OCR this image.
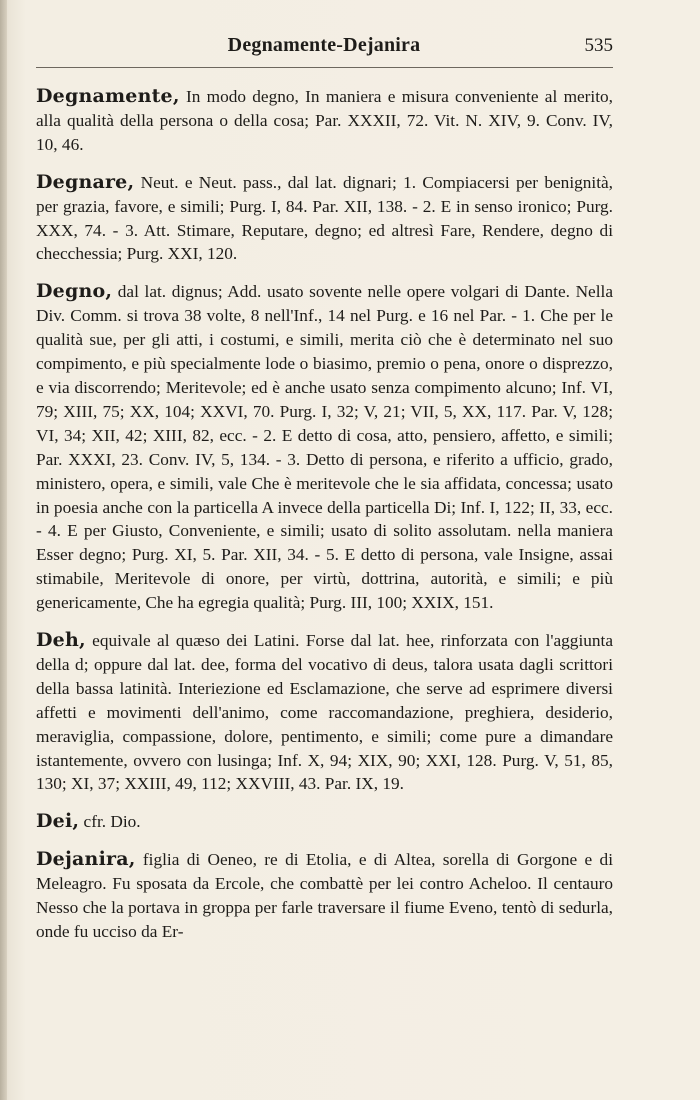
Degnamente-Dejanira	535

Degnamente, In modo degno, In maniera e misura conveniente al merito, alla qualità della persona o della cosa; Par. XXXII, 72. Vit. N. XIV, 9. Conv. IV, 10, 46.

Degnare, Neut. e Neut. pass., dal lat. dignari; 1. Compiacersi per benignità, per grazia, favore, e simili; Purg. I, 84. Par. XII, 138. - 2. E in senso ironico; Purg. XXX, 74. - 3. Att. Stimare, Reputare, degno; ed altresì Fare, Rendere, degno di checchessia; Purg. XXI, 120.

Degno, dal lat. dignus; Add. usato sovente nelle opere volgari di Dante. Nella Div. Comm. si trova 38 volte, 8 nell'Inf., 14 nel Purg. e 16 nel Par. - 1. Che per le qualità sue, per gli atti, i costumi, e simili, merita ciò che è determinato nel suo compimento, e più specialmente lode o biasimo, premio o pena, onore o disprezzo, e via discorrendo; Meritevole; ed è anche usato senza compimento alcuno; Inf. VI, 79; XIII, 75; XX, 104; XXVI, 70. Purg. I, 32; V, 21; VII, 5, XX, 117. Par. V, 128; VI, 34; XII, 42; XIII, 82, ecc. - 2. E detto di cosa, atto, pensiero, affetto, e simili; Par. XXXI, 23. Conv. IV, 5, 134. - 3. Detto di persona, e riferito a ufficio, grado, ministero, opera, e simili, vale Che è meritevole che le sia affidata, concessa; usato in poesia anche con la particella A invece della particella Di; Inf. I, 122; II, 33, ecc. - 4. E per Giusto, Conveniente, e simili; usato di solito assolutam. nella maniera Esser degno; Purg. XI, 5. Par. XII, 34. - 5. E detto di persona, vale Insigne, assai stimabile, Meritevole di onore, per virtù, dottrina, autorità, e simili; e più genericamente, Che ha egregia qualità; Purg. III, 100; XXIX, 151.

Deh, equivale al quæso dei Latini. Forse dal lat. hee, rinforzata con l'aggiunta della d; oppure dal lat. dee, forma del vocativo di deus, talora usata dagli scrittori della bassa latinità. Interiezione ed Esclamazione, che serve ad esprimere diversi affetti e movimenti dell'animo, come raccomandazione, preghiera, desiderio, meraviglia, compassione, dolore, pentimento, e simili; come pure a dimandare istantemente, ovvero con lusinga; Inf. X, 94; XIX, 90; XXI, 128. Purg. V, 51, 85, 130; XI, 37; XXIII, 49, 112; XXVIII, 43. Par. IX, 19.

Dei, cfr. Dio.

Dejanira, figlia di Oeneo, re di Etolia, e di Altea, sorella di Gorgone e di Meleagro. Fu sposata da Ercole, che combattè per lei contro Acheloo. Il centauro Nesso che la portava in groppa per farle traversare il fiume Eveno, tentò di sedurla, onde fu ucciso da Er-
